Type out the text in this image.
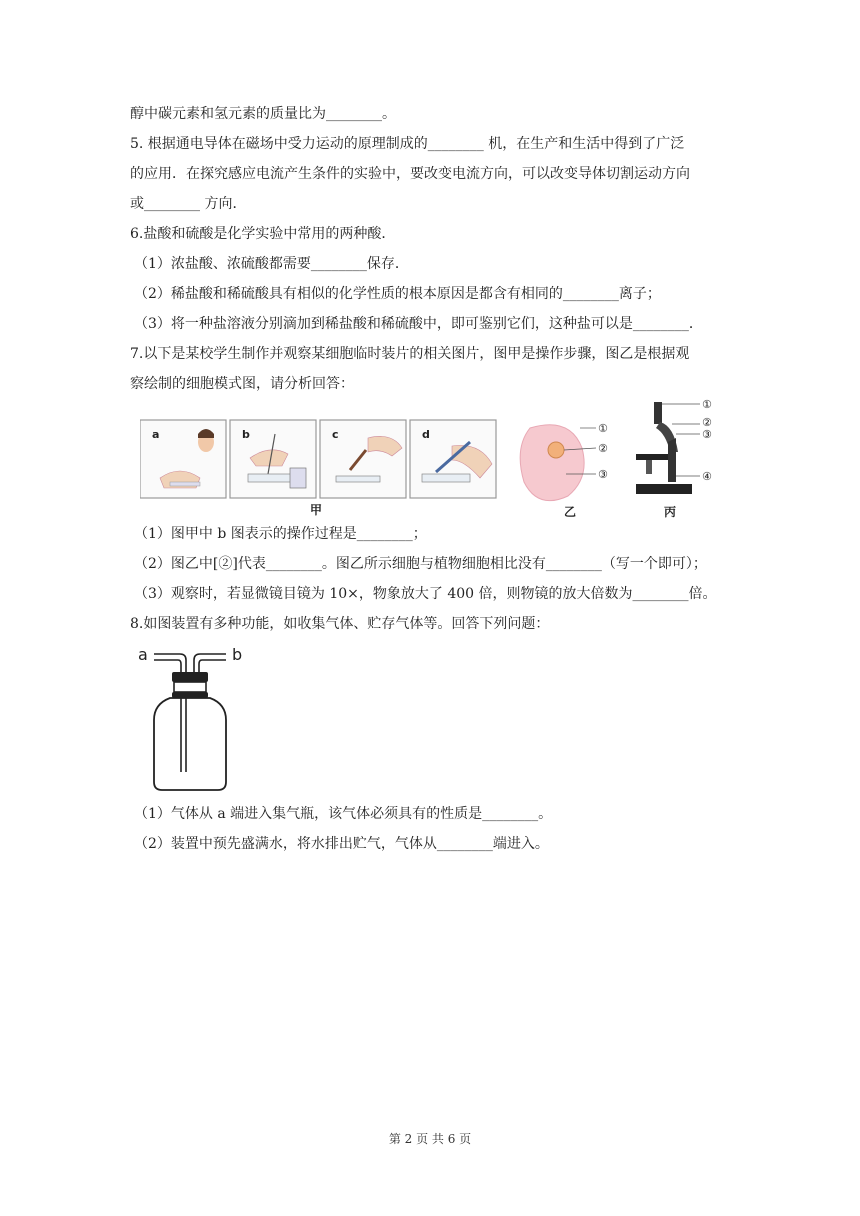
醇中碳元素和氢元素的质量比为________。
5. 根据通电导体在磁场中受力运动的原理制成的________ 机，在生产和生活中得到了广泛
的应用．在探究感应电流产生条件的实验中，要改变电流方向，可以改变导体切割运动方向
或________ 方向．
6.盐酸和硫酸是化学实验中常用的两种酸．
（1）浓盐酸、浓硫酸都需要________保存．
（2）稀盐酸和稀硫酸具有相似的化学性质的根本原因是都含有相同的________离子；
（3）将一种盐溶液分别滴加到稀盐酸和稀硫酸中，即可鉴别它们，这种盐可以是________．
7.以下是某校学生制作并观察某细胞临时装片的相关图片，图甲是操作步骤，图乙是根据观
察绘制的细胞模式图，请分析回答：
a	b	c	d
甲
①
②
③
乙
①
②
③
④
丙
（1）图甲中 b 图表示的操作过程是________；
（2）图乙中[②]代表________。图乙所示细胞与植物细胞相比没有________（写一个即可）；
（3）观察时，若显微镜目镜为 10×，物象放大了 400 倍，则物镜的放大倍数为________倍。
8.如图装置有多种功能，如收集气体、贮存气体等。回答下列问题：
a	b
（1）气体从 a 端进入集气瓶，该气体必须具有的性质是________。
（2）装置中预先盛满水，将水排出贮气，气体从________端进入。
第 2 页 共 6 页
